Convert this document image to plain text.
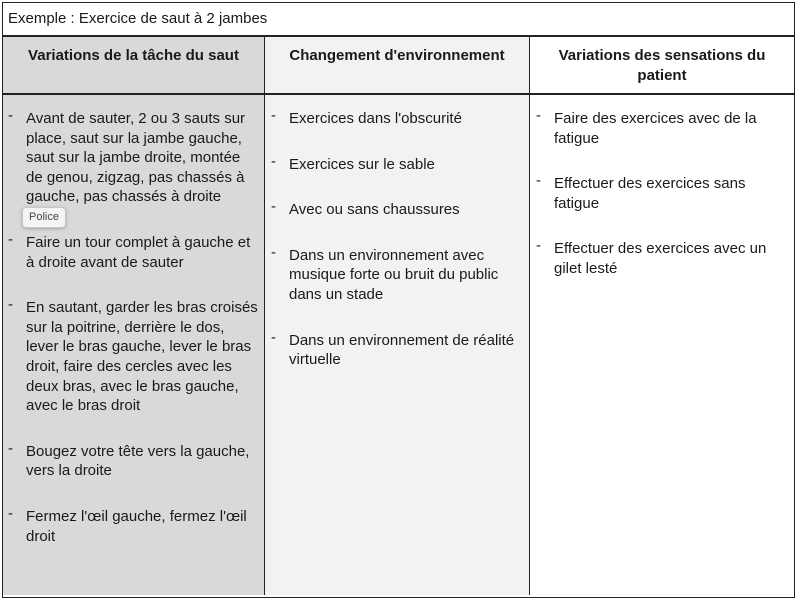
Exemple : Exercice de saut à 2 jambes
Variations de la tâche du saut	Changement d'environnement	Variations des sensations du patient
- Avant de sauter, 2 ou 3 sauts sur place, saut sur la jambe gauche, saut sur la jambe droite, montée de genou, zigzag, pas chassés à gauche, pas chassés à droite
- Faire un tour complet à gauche et à droite avant de sauter
- En sautant, garder les bras croisés sur la poitrine, derrière le dos, lever le bras gauche, lever le bras droit, faire des cercles avec les deux bras, avec le bras gauche, avec le bras droit
- Bougez votre tête vers la gauche, vers la droite
- Fermez l'œil gauche, fermez l'œil droit
- Exercices dans l'obscurité
- Exercices sur le sable
- Avec ou sans chaussures
- Dans un environnement avec musique forte ou bruit du public dans un stade
- Dans un environnement de réalité virtuelle
- Faire des exercices avec de la fatigue
- Effectuer des exercices sans fatigue
- Effectuer des exercices avec un gilet lesté
Police
